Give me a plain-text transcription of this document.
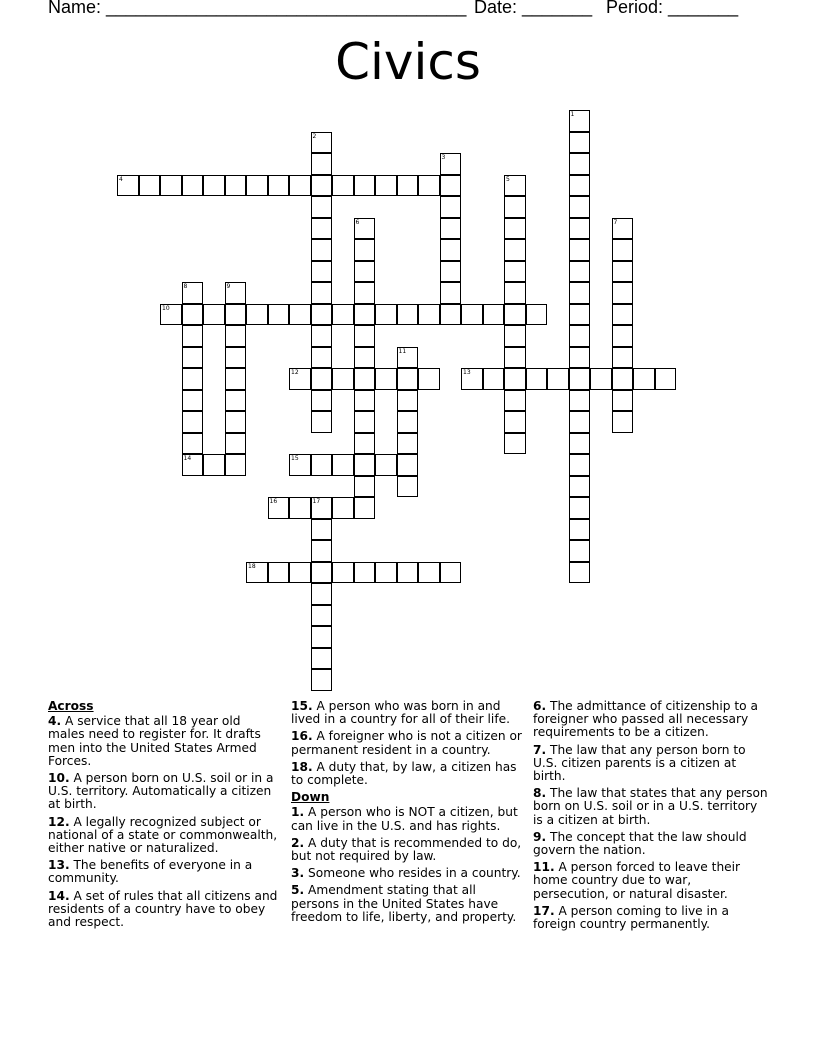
Name: ____________________________________ Date: _______ Period: _______
Civics
1
2
3
4	5
6	7
8	9
10
11
12	13
14	15
16	17
18
Across
4. A service that all 18 year old males need to register for. It drafts men into the United States Armed Forces.
10. A person born on U.S. soil or in a U.S. territory. Automatically a citizen at birth.
12. A legally recognized subject or national of a state or commonwealth, either native or naturalized.
13. The benefits of everyone in a community.
14. A set of rules that all citizens and residents of a country have to obey and respect.
15. A person who was born in and lived in a country for all of their life.
16. A foreigner who is not a citizen or permanent resident in a country.
18. A duty that, by law, a citizen has to complete.
Down
1. A person who is NOT a citizen, but can live in the U.S. and has rights.
2. A duty that is recommended to do, but not required by law.
3. Someone who resides in a country.
5. Amendment stating that all persons in the United States have freedom to life, liberty, and property.
6. The admittance of citizenship to a foreigner who passed all necessary requirements to be a citizen.
7. The law that any person born to U.S. citizen parents is a citizen at birth.
8. The law that states that any person born on U.S. soil or in a U.S. territory is a citizen at birth.
9. The concept that the law should govern the nation.
11. A person forced to leave their home country due to war, persecution, or natural disaster.
17. A person coming to live in a foreign country permanently.
